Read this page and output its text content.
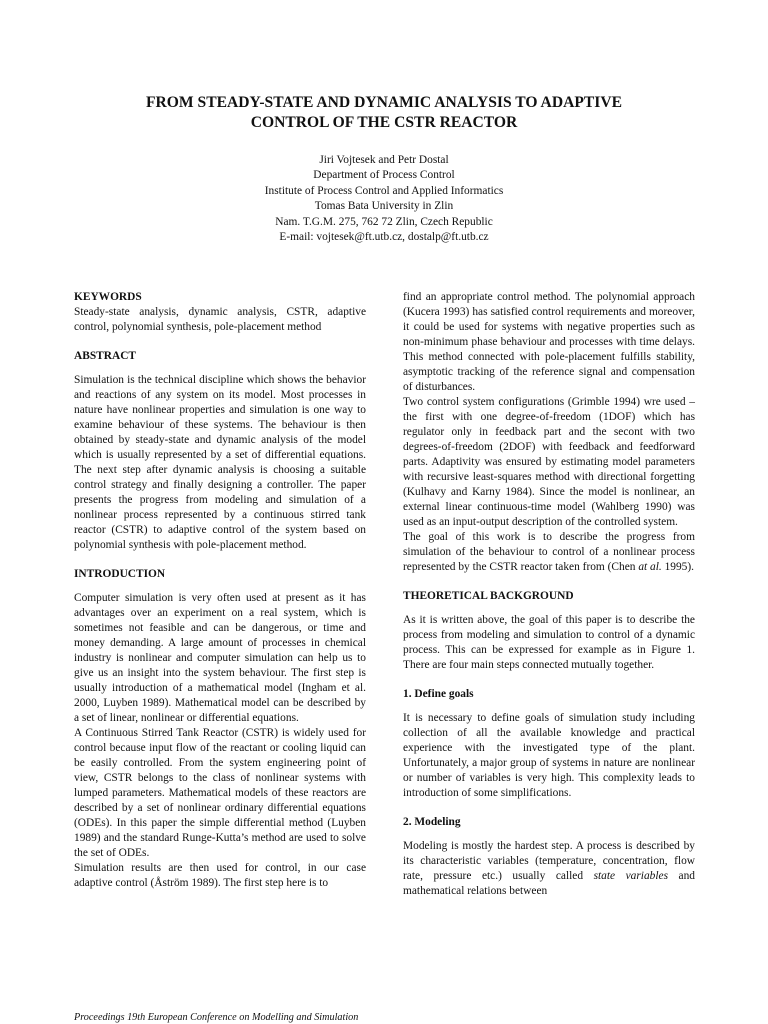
FROM STEADY-STATE AND DYNAMIC ANALYSIS TO ADAPTIVE
CONTROL OF THE CSTR REACTOR
Jiri Vojtesek and Petr Dostal
Department of Process Control
Institute of Process Control and Applied Informatics
Tomas Bata University in Zlin
Nam. T.G.M. 275, 762 72 Zlin, Czech Republic
E-mail: vojtesek@ft.utb.cz, dostalp@ft.utb.cz
KEYWORDS

Steady-state analysis, dynamic analysis, CSTR, adaptive control, polynomial synthesis, pole-placement method

ABSTRACT

Simulation is the technical discipline which shows the behavior and reactions of any system on its model. Most processes in nature have nonlinear properties and simulation is one way to examine behaviour of these systems. The behaviour is then obtained by steady-state and dynamic analysis of the model which is usually represented by a set of differential equations. The next step after dynamic analysis is choosing a suitable control strategy and finally designing a controller. The paper presents the progress from modeling and simulation of a nonlinear process represented by a continuous stirred tank reactor (CSTR) to adaptive control of the system based on polynomial synthesis with pole-placement method.

INTRODUCTION

Computer simulation is very often used at present as it has advantages over an experiment on a real system, which is sometimes not feasible and can be dangerous, or time and money demanding. A large amount of processes in chemical industry is nonlinear and computer simulation can help us to give us an insight into the system behaviour. The first step is usually introduction of a mathematical model (Ingham et al. 2000, Luyben 1989). Mathematical model can be described by a set of linear, nonlinear or differential equations.

A Continuous Stirred Tank Reactor (CSTR) is widely used for control because input flow of the reactant or cooling liquid can be easily controlled. From the system engineering point of view, CSTR belongs to the class of nonlinear systems with lumped parameters. Mathematical models of these reactors are described by a set of nonlinear ordinary differential equations (ODEs). In this paper the simple differential method (Luyben 1989) and the standard Runge-Kutta’s method are used to solve the set of ODEs.

Simulation results are then used for control, in our case adaptive control (Åström 1989). The first step here is to

find an appropriate control method. The polynomial approach (Kucera 1993) has satisfied control requirements and moreover, it could be used for systems with negative properties such as non-minimum phase behaviour and processes with time delays. This method connected with pole-placement fulfills stability, asymptotic tracking of the reference signal and compensation of disturbances.

Two control system configurations (Grimble 1994) wre used – the first with one degree-of-freedom (1DOF) which has regulator only in feedback part and the secont with two degrees-of-freedom (2DOF) with feedback and feedforward parts. Adaptivity was ensured by estimating model parameters with recursive least-squares method with directional forgetting (Kulhavy and Karny 1984). Since the model is nonlinear, an external linear continuous-time model (Wahlberg 1990) was used as an input-output description of the controlled system.

The goal of this work is to describe the progress from simulation of the behaviour to control of a nonlinear process represented by the CSTR reactor taken from (Chen at al. 1995).

THEORETICAL BACKGROUND

As it is written above, the goal of this paper is to describe the process from modeling and simulation to control of a dynamic process. This can be expressed for example as in Figure 1. There are four main steps connected mutually together.

1. Define goals

It is necessary to define goals of simulation study including collection of all the available knowledge and practical experience with the investigated type of the plant. Unfortunately, a major group of systems in nature are nonlinear or number of variables is very high. This complexity leads to introduction of some simplifications.

2. Modeling

Modeling is mostly the hardest step. A process is described by its characteristic variables (temperature, concentration, flow rate, pressure etc.) usually called state variables and mathematical relations between

Proceedings 19th European Conference on Modelling and Simulation
